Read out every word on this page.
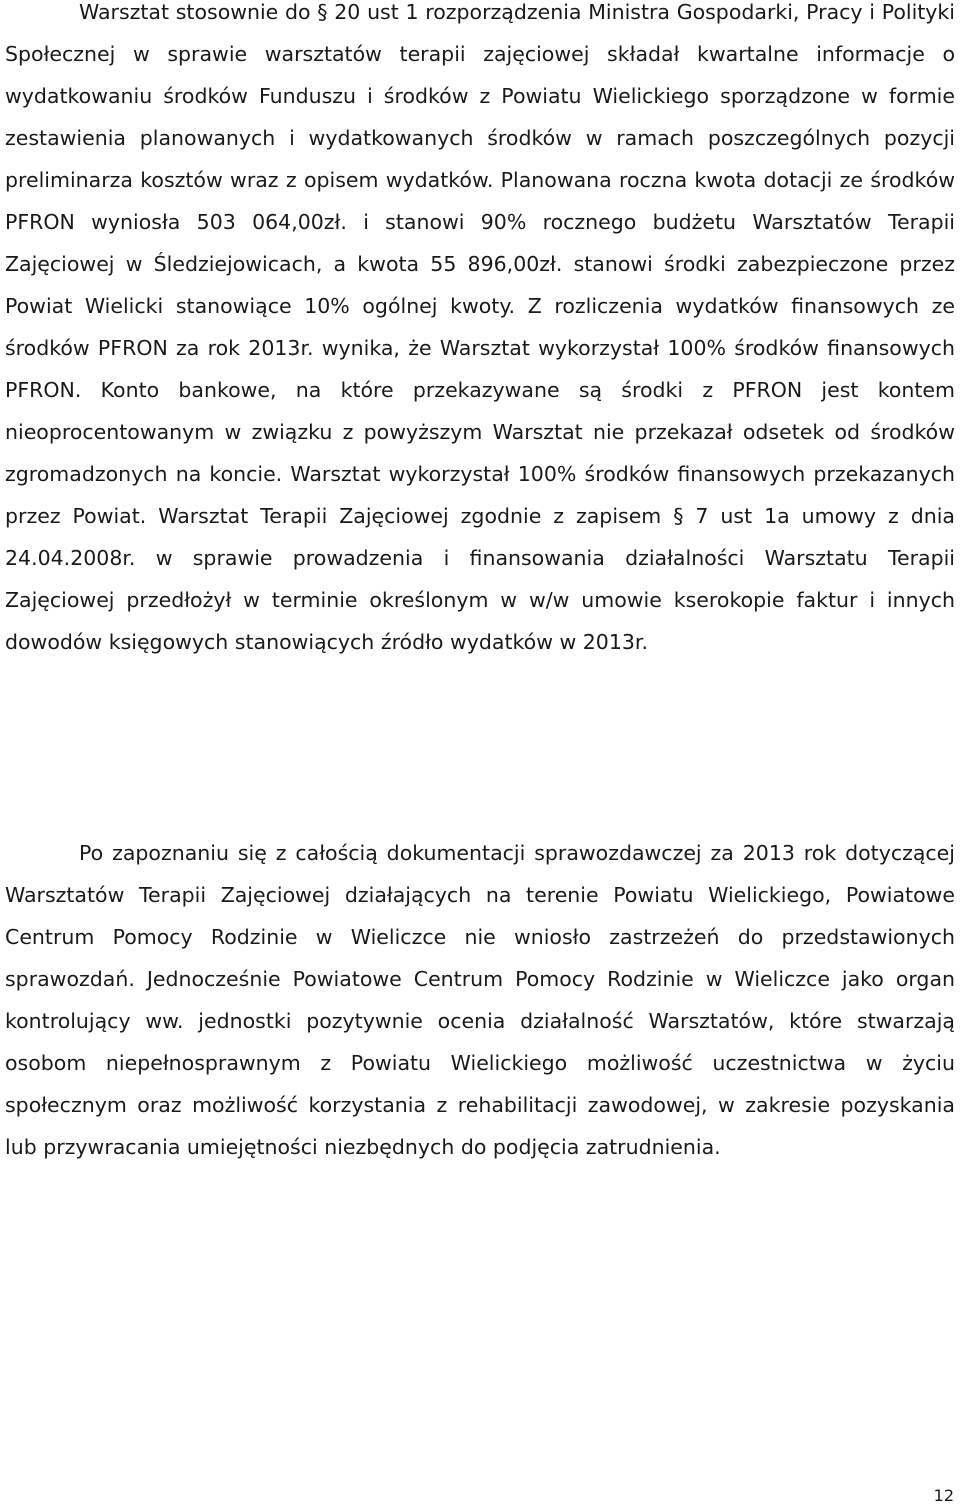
Warsztat stosownie do § 20 ust 1 rozporządzenia Ministra Gospodarki, Pracy i Polityki Społecznej w sprawie warsztatów terapii zajęciowej składał kwartalne informacje o wydatkowaniu środków Funduszu i środków z Powiatu Wielickiego sporządzone w formie zestawienia planowanych i wydatkowanych środków w ramach poszczególnych pozycji preliminarza kosztów wraz z opisem wydatków. Planowana roczna kwota dotacji ze środków PFRON wyniosła 503 064,00zł. i stanowi 90% rocznego budżetu Warsztatów Terapii Zajęciowej w Śledziejowicach, a kwota 55 896,00zł. stanowi środki zabezpieczone przez Powiat Wielicki stanowiące 10% ogólnej kwoty. Z rozliczenia wydatków finansowych ze środków PFRON za rok 2013r. wynika, że Warsztat wykorzystał 100% środków finansowych PFRON. Konto bankowe, na które przekazywane są środki z PFRON jest kontem nieoprocentowanym w związku z powyższym Warsztat nie przekazał odsetek od środków zgromadzonych na koncie. Warsztat wykorzystał 100% środków finansowych przekazanych przez Powiat. Warsztat Terapii Zajęciowej zgodnie z zapisem § 7 ust 1a umowy z dnia 24.04.2008r. w sprawie prowadzenia i finansowania działalności Warsztatu Terapii Zajęciowej przedłożył w terminie określonym w w/w umowie kserokopie faktur i innych dowodów księgowych stanowiących źródło wydatków w 2013r.

Po zapoznaniu się z całością dokumentacji sprawozdawczej za 2013 rok dotyczącej Warsztatów Terapii Zajęciowej działających na terenie Powiatu Wielickiego, Powiatowe Centrum Pomocy Rodzinie w Wieliczce nie wniosło zastrzeżeń do przedstawionych sprawozdań. Jednocześnie Powiatowe Centrum Pomocy Rodzinie w Wieliczce jako organ kontrolujący ww. jednostki pozytywnie ocenia działalność Warsztatów, które stwarzają osobom niepełnosprawnym z Powiatu Wielickiego możliwość uczestnictwa w życiu społecznym oraz możliwość korzystania z rehabilitacji zawodowej, w zakresie pozyskania lub przywracania umiejętności niezbędnych do podjęcia zatrudnienia.

12
